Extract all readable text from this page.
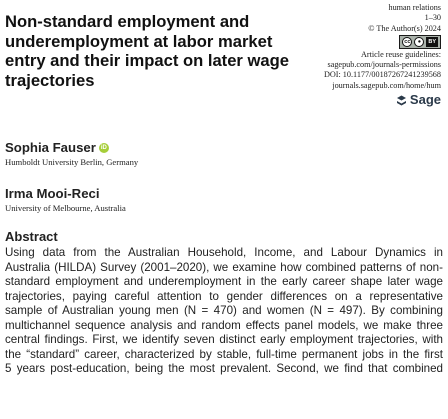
Non-standard employment and underemployment at labor market entry and their impact on later wage trajectories
human relations
1–30
© The Author(s) 2024
cc	●	BY
Article reuse guidelines:
sagepub.com/journals-permissions
DOI: 10.1177/00187267241239568
journals.sagepub.com/home/hum
Sage
Sophia Fauser iD
Humboldt University Berlin, Germany
Irma Mooi-Reci
University of Melbourne, Australia
Abstract

Using data from the Australian Household, Income, and Labour Dynamics in
Australia (HILDA) Survey (2001–2020), we examine how combined patterns of non-
standard employment and underemployment in the early career shape later wage
trajectories, paying careful attention to gender differences on a representative
sample of Australian young men (N = 470) and women (N = 497). By combining
multichannel sequence analysis and random effects panel models, we make three
central findings. First, we identify seven distinct early employment trajectories, with
the “standard” career, characterized by stable, full-time permanent jobs in the first
5 years post-education, being the most prevalent. Second, we find that combined
